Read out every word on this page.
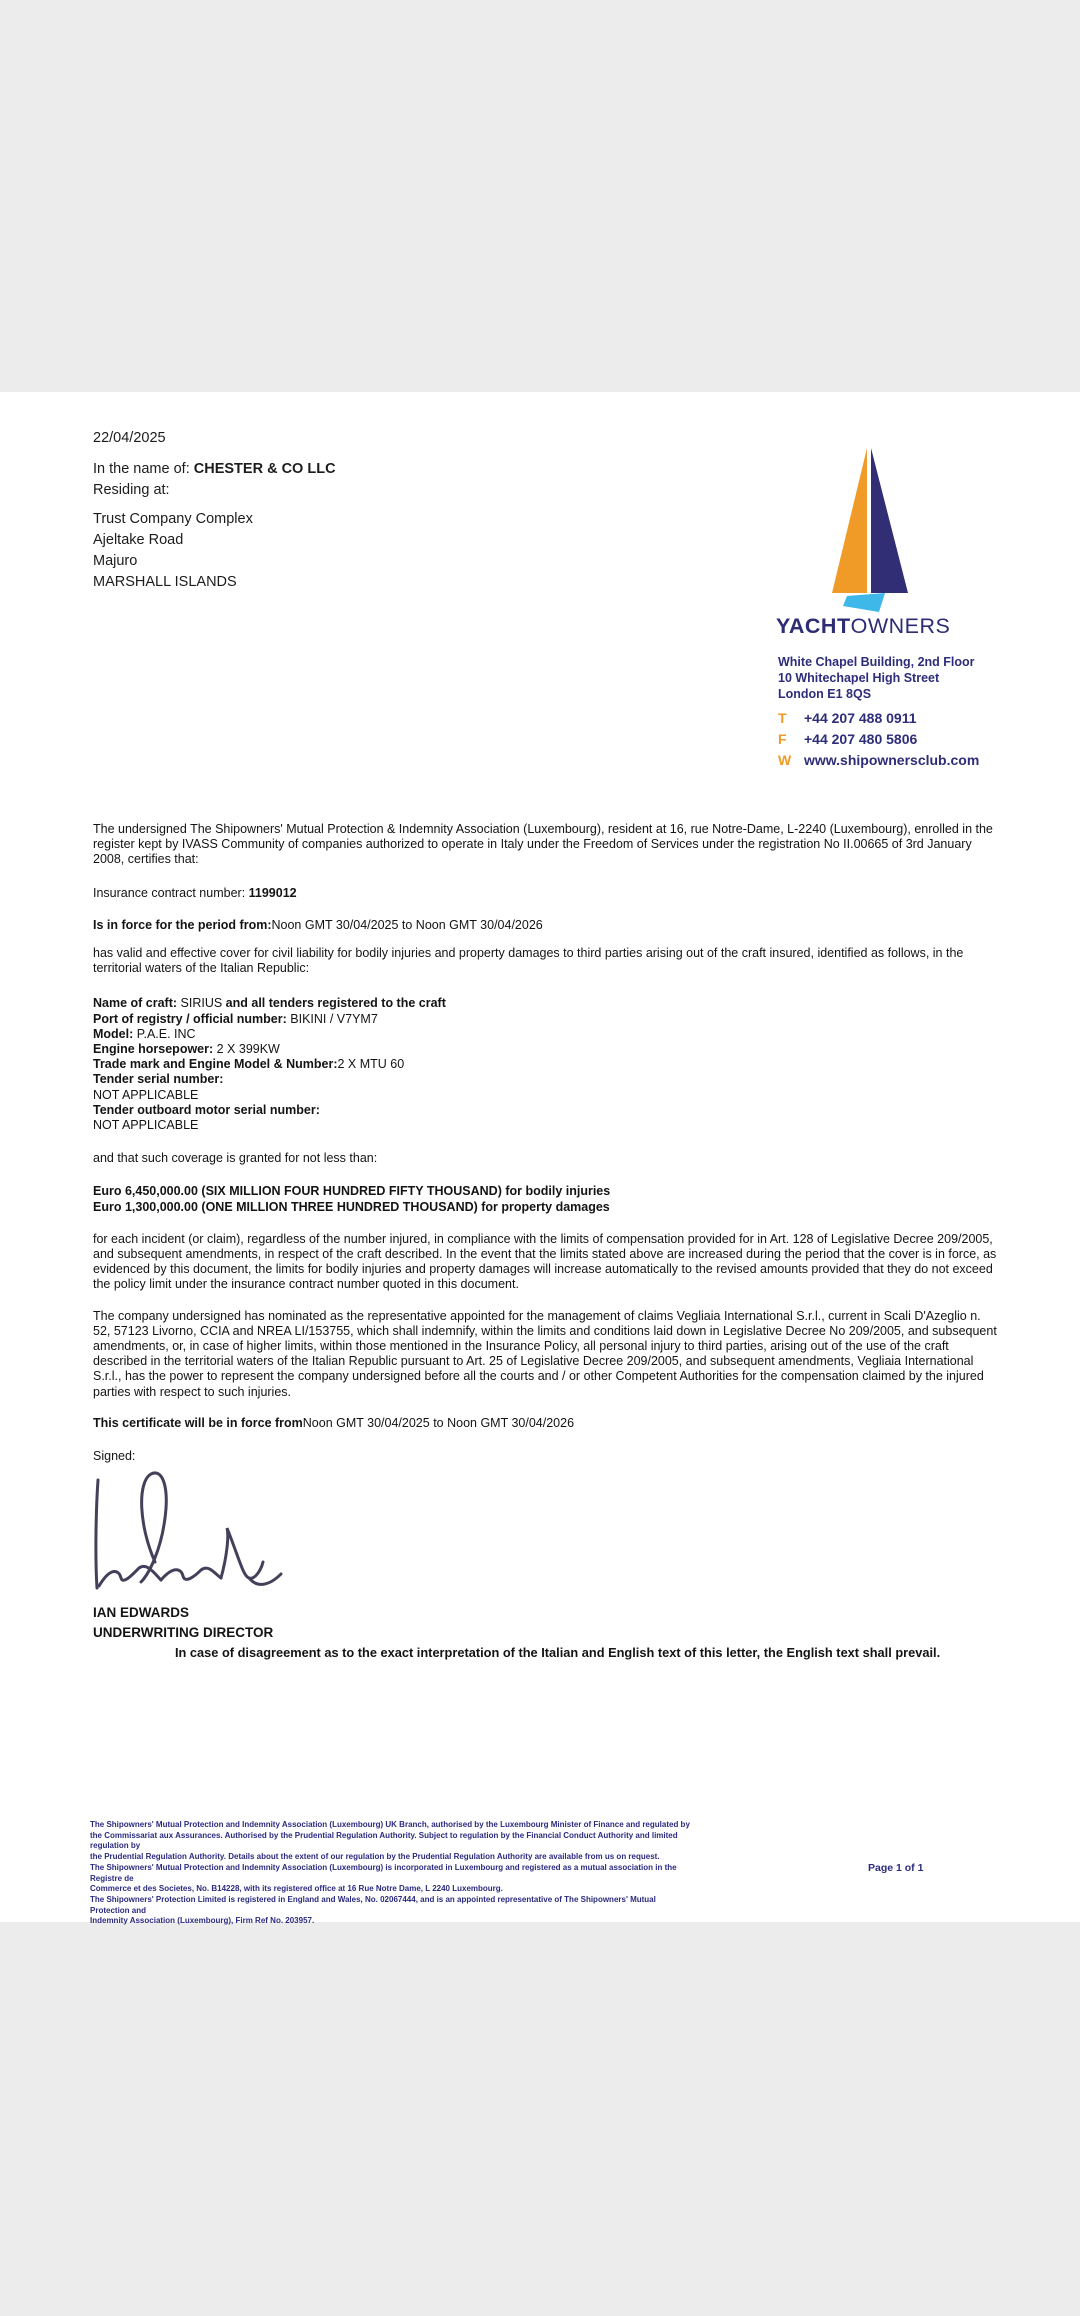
22/04/2025
In the name of: CHESTER & CO LLC
Residing at:
Trust Company Complex
Ajeltake Road
Majuro
MARSHALL ISLANDS
YACHTOWNERS
White Chapel Building, 2nd Floor
10 Whitechapel High Street
London E1 8QS
T +44 207 488 0911
F +44 207 480 5806
W www.shipownersclub.com

The undersigned The Shipowners' Mutual Protection & Indemnity Association (Luxembourg), resident at 16, rue Notre-Dame, L-2240 (Luxembourg), enrolled in the register kept by IVASS Community of companies authorized to operate in Italy under the Freedom of Services under the registration No II.00665 of 3rd January 2008, certifies that:

Insurance contract number: 1199012

Is in force for the period from:Noon GMT 30/04/2025 to Noon GMT 30/04/2026

has valid and effective cover for civil liability for bodily injuries and property damages to third parties arising out of the craft insured, identified as follows, in the territorial waters of the Italian Republic:

Name of craft: SIRIUS and all tenders registered to the craft
Port of registry / official number: BIKINI / V7YM7
Model: P.A.E. INC
Engine horsepower: 2 X 399KW
Trade mark and Engine Model & Number:2 X MTU 60
Tender serial number:
NOT APPLICABLE
Tender outboard motor serial number:
NOT APPLICABLE

and that such coverage is granted for not less than:

Euro 6,450,000.00 (SIX MILLION FOUR HUNDRED FIFTY THOUSAND) for bodily injuries
Euro 1,300,000.00 (ONE MILLION THREE HUNDRED THOUSAND) for property damages

for each incident (or claim), regardless of the number injured, in compliance with the limits of compensation provided for in Art. 128 of Legislative Decree 209/2005, and subsequent amendments, in respect of the craft described. In the event that the limits stated above are increased during the period that the cover is in force, as evidenced by this document, the limits for bodily injuries and property damages will increase automatically to the revised amounts provided that they do not exceed the policy limit under the insurance contract number quoted in this document.

The company undersigned has nominated as the representative appointed for the management of claims Vegliaia International S.r.l., current in Scali D'Azeglio n. 52, 57123 Livorno, CCIA and NREA LI/153755, which shall indemnify, within the limits and conditions laid down in Legislative Decree No 209/2005, and subsequent amendments, or, in case of higher limits, within those mentioned in the Insurance Policy, all personal injury to third parties, arising out of the use of the craft described in the territorial waters of the Italian Republic pursuant to Art. 25 of Legislative Decree 209/2005, and subsequent amendments, Vegliaia International S.r.l., has the power to represent the company undersigned before all the courts and / or other Competent Authorities for the compensation claimed by the injured parties with respect to such injuries.

This certificate will be in force fromNoon GMT 30/04/2025 to Noon GMT 30/04/2026

Signed:

IAN EDWARDS
UNDERWRITING DIRECTOR

In case of disagreement as to the exact interpretation of the Italian and English text of this letter, the English text shall prevail.

The Shipowners' Mutual Protection and Indemnity Association (Luxembourg) UK Branch, authorised by the Luxembourg Minister of Finance and regulated by
the Commissariat aux Assurances. Authorised by the Prudential Regulation Authority. Subject to regulation by the Financial Conduct Authority and limited regulation by
the Prudential Regulation Authority. Details about the extent of our regulation by the Prudential Regulation Authority are available from us on request.
The Shipowners' Mutual Protection and Indemnity Association (Luxembourg) is incorporated in Luxembourg and registered as a mutual association in the Registre de
Commerce et des Societes, No. B14228, with its registered office at 16 Rue Notre Dame, L 2240 Luxembourg.
The Shipowners' Protection Limited is registered in England and Wales, No. 02067444, and is an appointed representative of The Shipowners' Mutual Protection and
Indemnity Association (Luxembourg), Firm Ref No. 203957.
Page 1 of 1
